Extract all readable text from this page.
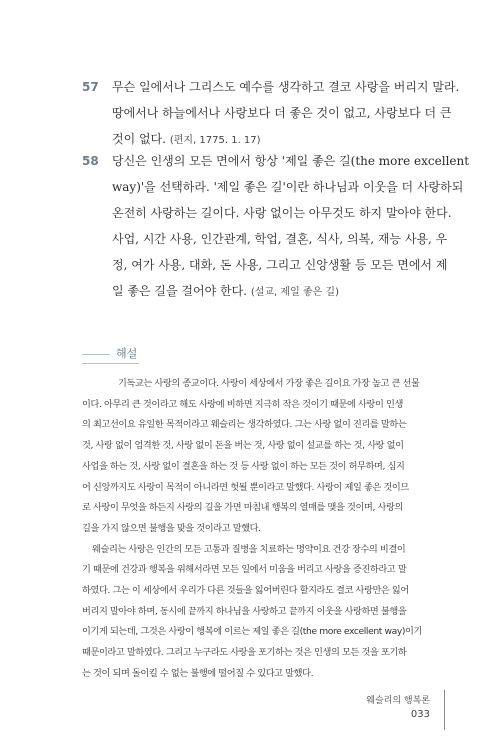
57 무슨 일에서나 그리스도 예수를 생각하고 결코 사랑을 버리지 말라.
땅에서나 하늘에서나 사랑보다 더 좋은 것이 없고, 사랑보다 더 큰
것이 없다. (편지, 1775. 1. 17)
58 당신은 인생의 모든 면에서 항상 '제일 좋은 길(the more excellent
way)'을 선택하라. '제일 좋은 길'이란 하나님과 이웃을 더 사랑하되
온전히 사랑하는 길이다. 사랑 없이는 아무것도 하지 말아야 한다.
사업, 시간 사용, 인간관계, 학업, 결혼, 식사, 의복, 재능 사용, 우
정, 여가 사용, 대화, 돈 사용, 그리고 신앙생활 등 모든 면에서 제
일 좋은 길을 걸어야 한다. (설교, 제일 좋은 길)
해설
기독교는 사랑의 종교이다. 사랑이 세상에서 가장 좋은 길이요 가장 높고 큰 선물
이다. 아무리 큰 것이라고 해도 사랑에 비하면 지극히 작은 것이기 때문에 사랑이 인생
의 최고선이요 유일한 목적이라고 웨슬리는 생각하였다. 그는 사랑 없이 진리를 말하는
것, 사랑 없이 엄격한 것, 사랑 없이 돈을 버는 것, 사랑 없이 설교를 하는 것, 사랑 없이
사업을 하는 것, 사랑 없이 결혼을 하는 것 등 사랑 없이 하는 모든 것이 허무하며, 심지
어 신앙까지도 사랑이 목적이 아니라면 헛될 뿐이라고 말했다. 사랑이 제일 좋은 것이므
로 사랑이 무엇을 하든지 사랑의 길을 가면 마침내 행복의 열매를 맺을 것이며, 사랑의
길을 가지 않으면 불행을 맞을 것이라고 말했다.
웨슬리는 사랑은 인간의 모든 고통과 질병을 치료하는 명약이요 건강 장수의 비결이
기 때문에 건강과 행복을 위해서라면 모든 일에서 미움을 버리고 사랑을 증진하라고 말
하였다. 그는 이 세상에서 우리가 다른 것들을 잃어버린다 할지라도 결코 사랑만은 잃어
버리지 말아야 하며, 동시에 끝까지 하나님을 사랑하고 끝까지 이웃을 사랑하면 불행을
이기게 되는데, 그것은 사랑이 행복에 이르는 제일 좋은 길(the more excellent way)이기
때문이라고 말하였다. 그리고 누구라도 사랑을 포기하는 것은 인생의 모든 것을 포기하
는 것이 되며 돌이킬 수 없는 불행에 떨어질 수 있다고 말했다.
웨슬리의 행복론
033
